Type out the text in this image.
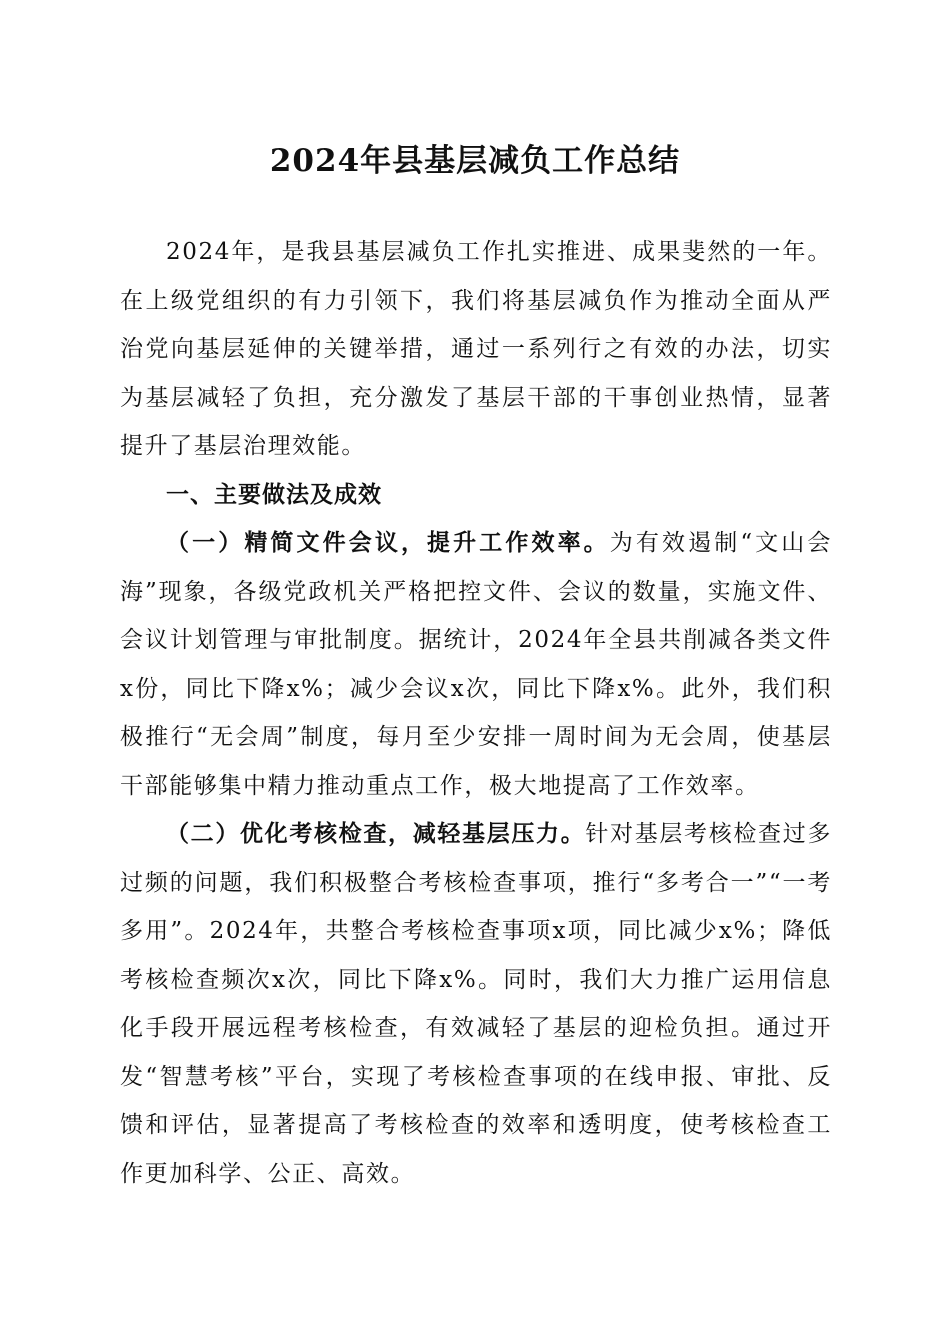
2024年县基层减负工作总结

2024年，是我县基层减负工作扎实推进、成果斐然的一年。在上级党组织的有力引领下，我们将基层减负作为推动全面从严治党向基层延伸的关键举措，通过一系列行之有效的办法，切实为基层减轻了负担，充分激发了基层干部的干事创业热情，显著提升了基层治理效能。

一、主要做法及成效

（一）精简文件会议，提升工作效率。为有效遏制“文山会海”现象，各级党政机关严格把控文件、会议的数量，实施文件、会议计划管理与审批制度。据统计，2024年全县共削减各类文件x份，同比下降x%；减少会议x次，同比下降x%。此外，我们积极推行“无会周”制度，每月至少安排一周时间为无会周，使基层干部能够集中精力推动重点工作，极大地提高了工作效率。

（二）优化考核检查，减轻基层压力。针对基层考核检查过多过频的问题，我们积极整合考核检查事项，推行“多考合一”“一考多用”。2024年，共整合考核检查事项x项，同比减少x%；降低考核检查频次x次，同比下降x%。同时，我们大力推广运用信息化手段开展远程考核检查，有效减轻了基层的迎检负担。通过开发“智慧考核”平台，实现了考核检查事项的在线申报、审批、反馈和评估，显著提高了考核检查的效率和透明度，使考核检查工作更加科学、公正、高效。
